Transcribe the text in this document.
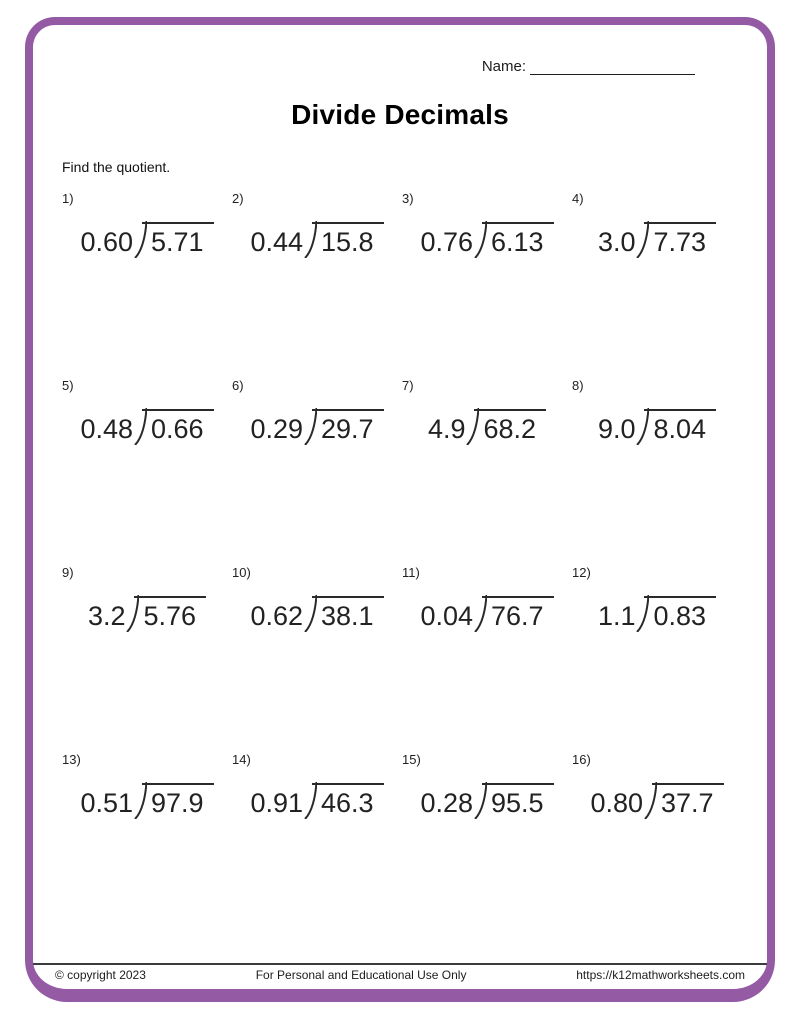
Name:
Divide Decimals
Find the quotient.
1)
0.60 5.71
2)
0.44 15.8
3)
0.76 6.13
4)
3.0 7.73
5)
0.48 0.66
6)
0.29 29.7
7)
4.9 68.2
8)
9.0 8.04
9)
3.2 5.76
10)
0.62 38.1
11)
0.04 76.7
12)
1.1 0.83
13)
0.51 97.9
14)
0.91 46.3
15)
0.28 95.5
16)
0.80 37.7
© copyright 2023	For Personal and Educational Use Only	https://k12mathworksheets.com
